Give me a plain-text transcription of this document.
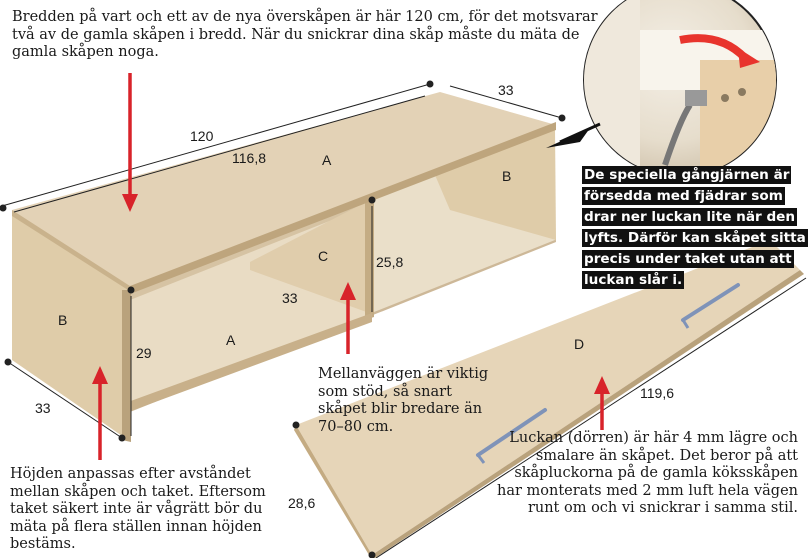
120
116,8
33
33
33
25,8
29
119,6
28,6
A
A
B
B
C
D

Bredden på vart och ett av de nya överskåpen är här 120 cm, för det motsvarar två av de gamla skåpen i bredd. När du snickrar dina skåp måste du mäta de gamla skåpen noga.

De speciella gångjärnen är försedda med fjädrar som drar ner luckan lite när den lyfts. Därför kan skåpet sitta precis under taket utan att luckan slår i.

Mellanväggen är viktig som stöd, så snart skåpet blir bredare än 70–80 cm.

Höjden anpassas efter avståndet mellan skåpen och taket. Eftersom taket säkert inte är vågrätt bör du mäta på flera ställen innan höjden bestäms.

Luckan (dörren) är här 4 mm lägre och smalare än skåpet. Det beror på att skåpluckorna på de gamla köksskåpen har monterats med 2 mm luft hela vägen runt om och vi snickrar i samma stil.
